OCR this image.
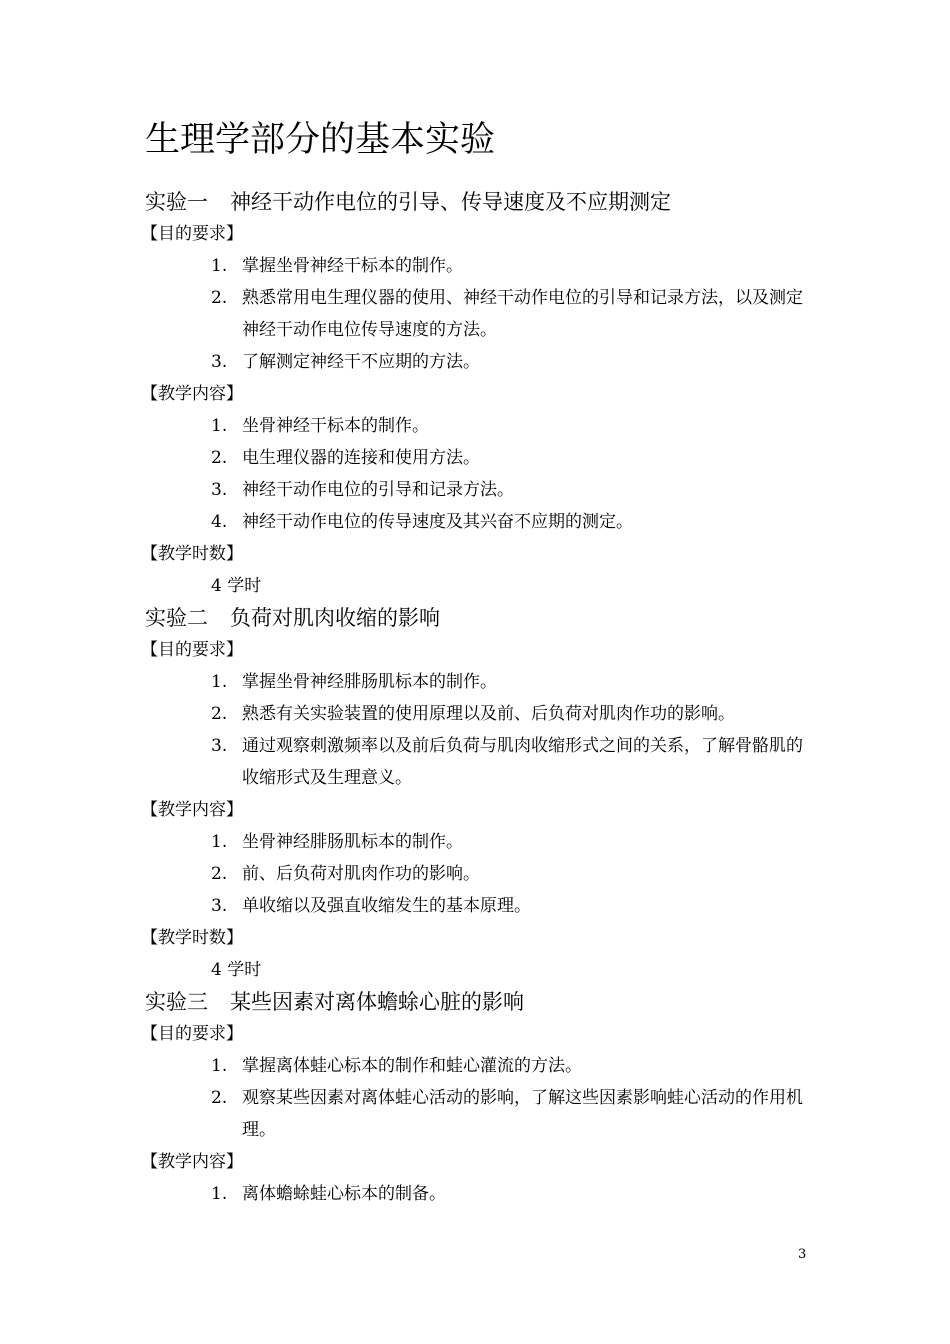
生理学部分的基本实验
实验一 神经干动作电位的引导、传导速度及不应期测定
【目的要求】
1. 掌握坐骨神经干标本的制作。
2. 熟悉常用电生理仪器的使用、神经干动作电位的引导和记录方法，以及测定神经干动作电位传导速度的方法。
3. 了解测定神经干不应期的方法。
【教学内容】
1. 坐骨神经干标本的制作。
2. 电生理仪器的连接和使用方法。
3. 神经干动作电位的引导和记录方法。
4. 神经干动作电位的传导速度及其兴奋不应期的测定。
【教学时数】
4 学时
实验二 负荷对肌肉收缩的影响
【目的要求】
1. 掌握坐骨神经腓肠肌标本的制作。
2. 熟悉有关实验装置的使用原理以及前、后负荷对肌肉作功的影响。
3. 通过观察刺激频率以及前后负荷与肌肉收缩形式之间的关系，了解骨骼肌的收缩形式及生理意义。
【教学内容】
1. 坐骨神经腓肠肌标本的制作。
2. 前、后负荷对肌肉作功的影响。
3. 单收缩以及强直收缩发生的基本原理。
【教学时数】
4 学时
实验三 某些因素对离体蟾蜍心脏的影响
【目的要求】
1. 掌握离体蛙心标本的制作和蛙心灌流的方法。
2. 观察某些因素对离体蛙心活动的影响，了解这些因素影响蛙心活动的作用机理。
【教学内容】
1. 离体蟾蜍蛙心标本的制备。
3
